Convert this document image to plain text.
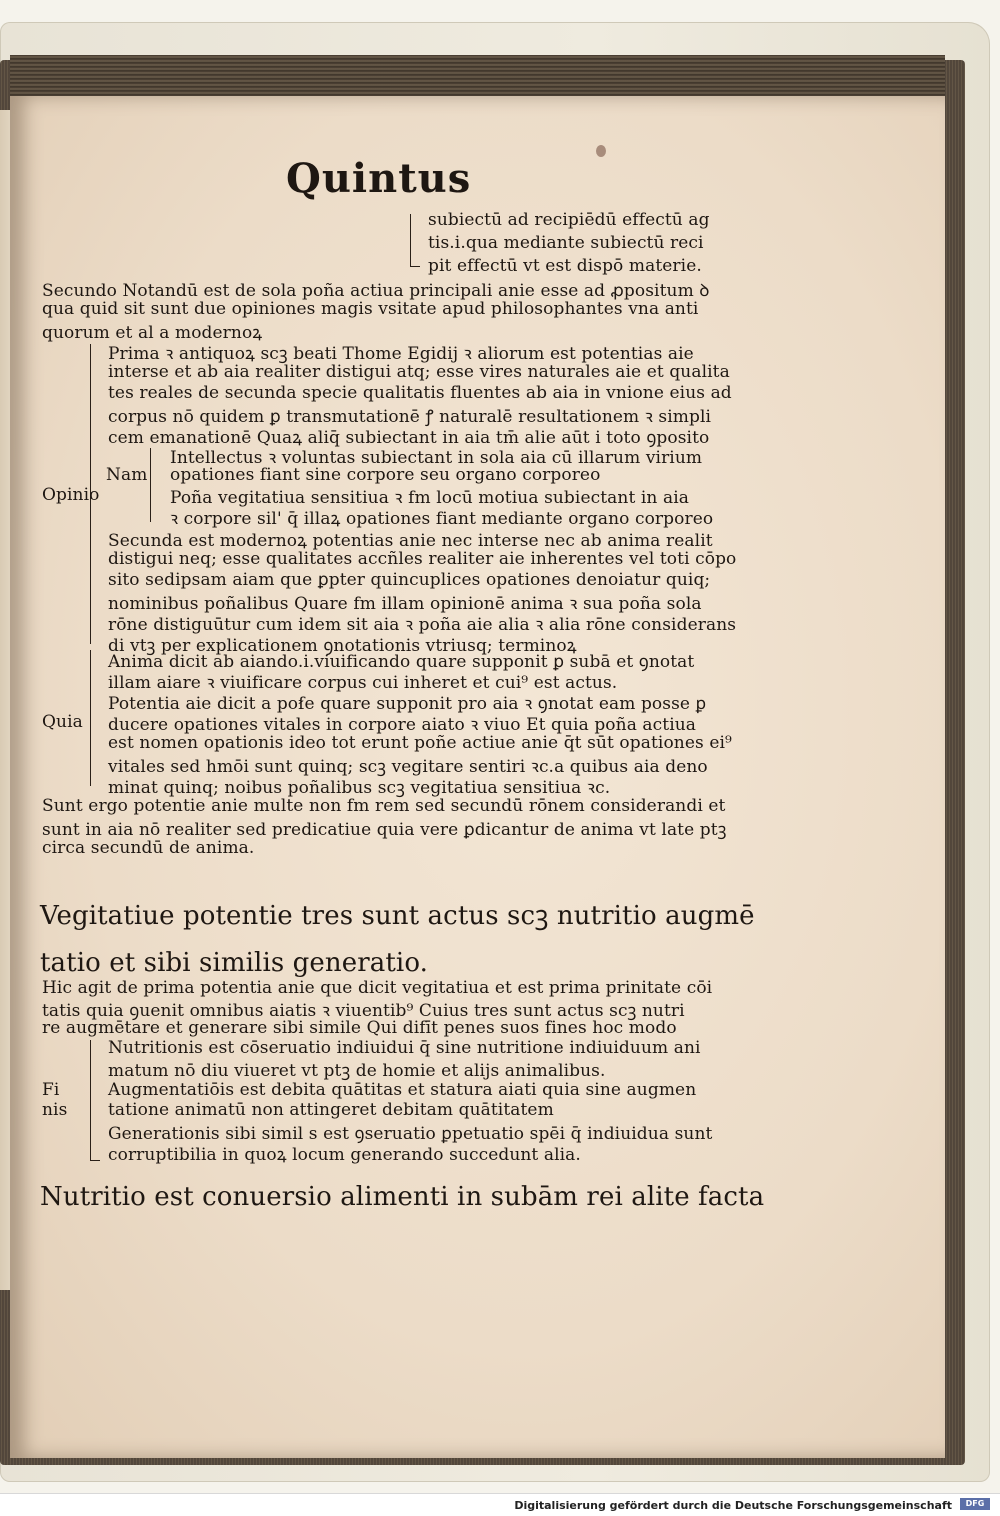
Quintus
subiectū ad recipiēdū effectū ag
tis.i.qua mediante subiectū reci
pit effectū vt est dispō materie.
Secundo Notandū est de sola poña actiua principali anie esse ad ꝓpositum ꝺ
qua quid sit sunt due opiniones magis vsitate apud philosophantes vna anti
quorum et al a modernoꝝ
Prima ꝛ antiquoꝝ scꝫ beati Thome Egidij ꝛ aliorum est potentias aie
interse et ab aia realiter distigui atq; esse vires naturales aie et qualita
tes reales de secunda specie qualitatis fluentes ab aia in vnione eius ad
corpus nō quidem ꝑ transmutationē ꝭ naturalē resultationem ꝛ simpli
cem emanationē Quaꝝ aliq̄ subiectant in aia tm̄ alie aūt i toto ꝯposito
Intellectus ꝛ voluntas subiectant in sola aia cū illarum virium
Nam opationes fiant sine corpore seu organo corporeo
Opinio	Poña vegitatiua sensitiua ꝛ fm locū motiua subiectant in aia
ꝛ corpore sil' q̄ illaꝝ opationes fiant mediante organo corporeo
Secunda est modernoꝝ potentias anie nec interse nec ab anima realit
distigui neq; esse qualitates accñles realiter aie inherentes vel toti cōpo
sito sedipsam aiam que ꝑpter quincuplices opationes denoiatur quiq;
nominibus poñalibus Quare fm illam opinionē anima ꝛ sua poña sola
rōne distiguūtur cum idem sit aia ꝛ poña aie alia ꝛ alia rōne considerans
di vtꝫ per explicationem ꝯnotationis vtriusq; terminoꝝ
Anima dicit ab aiando.i.viuificando quare supponit ꝑ subā et ꝯnotat
illam aiare ꝛ viuificare corpus cui inheret et cui⁹ est actus.
Potentia aie dicit a poẜe quare supponit pro aia ꝛ ꝯnotat eam posse ꝑ
Quia ducere opationes vitales in corpore aiato ꝛ viuo Et quia poña actiua
est nomen opationis ideo tot erunt poñe actiue anie q̄t sūt opationes ei⁹
vitales sed hmōi sunt quinq; scꝫ vegitare sentiri ꝛc.a quibus aia deno
minat quinq; noibus poñalibus scꝫ vegitatiua sensitiua ꝛc.
Sunt ergo potentie anie multe non fm rem sed secundū rōnem considerandi et
sunt in aia nō realiter sed predicatiue quia vere ꝑdicantur de anima vt late ptꝫ
circa secundū de anima.
Vegitatiue potentie tres sunt actus scꝫ nutritio augmē
tatio et sibi similis generatio.
Hic agit de prima potentia anie que dicit vegitatiua et est prima prinitate cōi
tatis quia ꝯuenit omnibus aiatis ꝛ viuentib⁹ Cuius tres sunt actus scꝫ nutri
re augmētare et generare sibi simile Qui difīt penes suos fines hoc modo
Nutritionis est cōseruatio indiuidui q̄ sine nutritione indiuiduum ani
matum nō diu viueret vt ptꝫ de homie et alijs animalibus.
Fi	Augmentatiōis est debita quātitas et statura aiati quia sine augmen
nis tatione animatū non attingeret debitam quātitatem
Generationis sibi simil s est ꝯseruatio ꝑpetuatio spēi q̄ indiuidua sunt
corruptibilia in quoꝝ locum generando succedunt alia.
Nutritio est conuersio alimenti in subām rei alite facta
Digitalisierung gefördert durch die Deutsche Forschungsgemeinschaft	DFG
